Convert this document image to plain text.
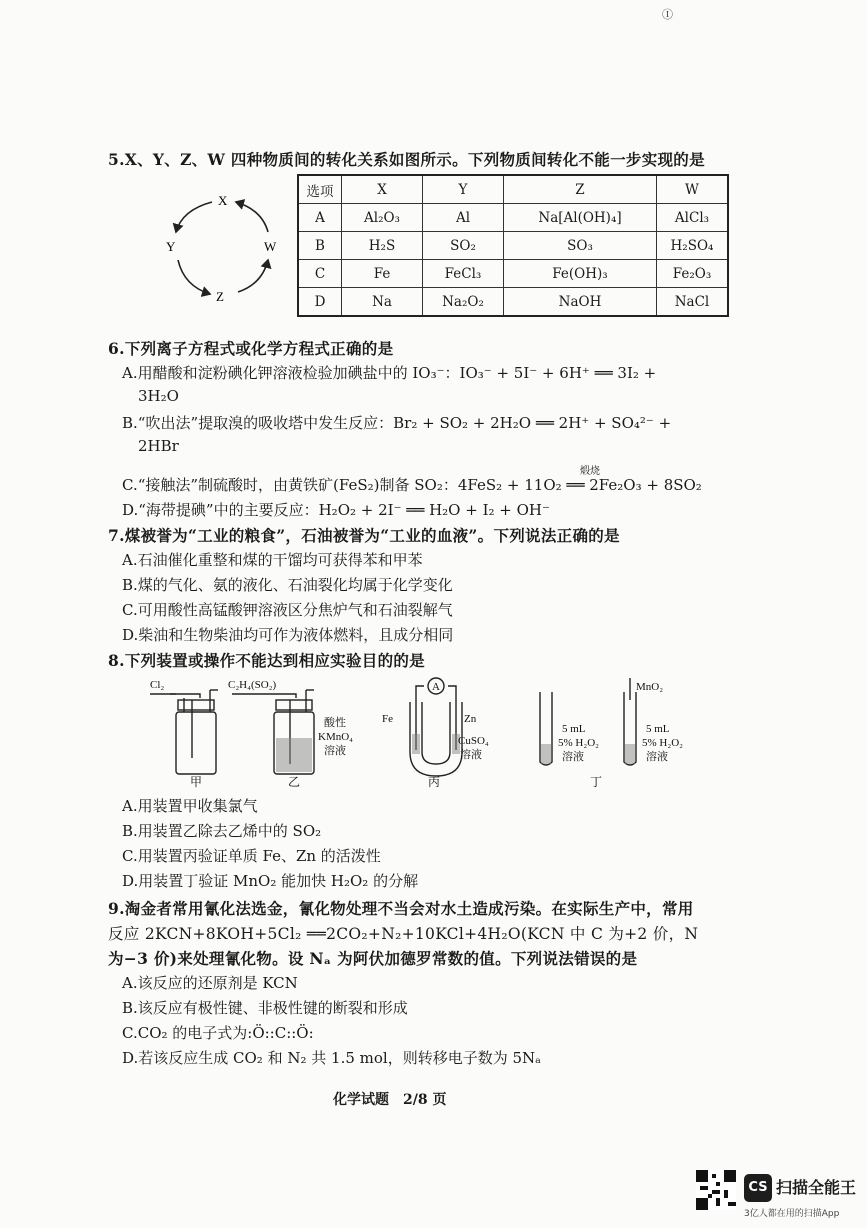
Ⓘ
5.X、Y、Z、W 四种物质间的转化关系如图所示。下列物质间转化不能一步实现的是
X
Y	W
Z
选项	X	Y	Z	W
A	Al₂O₃	Al	Na[Al(OH)₄]	AlCl₃
B	H₂S	SO₂	SO₃	H₂SO₄
C	Fe	FeCl₃	Fe(OH)₃	Fe₂O₃
D	Na	Na₂O₂	NaOH	NaCl
6.下列离子方程式或化学方程式正确的是
A.用醋酸和淀粉碘化钾溶液检验加碘盐中的 IO₃⁻：IO₃⁻ + 5I⁻ + 6H⁺ ══ 3I₂ +
3H₂O
B.“吹出法”提取溴的吸收塔中发生反应：Br₂ + SO₂ + 2H₂O ══ 2H⁺ + SO₄²⁻ +
2HBr
煅烧
C.“接触法”制硫酸时，由黄铁矿(FeS₂)制备 SO₂：4FeS₂ + 11O₂ ══ 2Fe₂O₃ + 8SO₂
D.“海带提碘”中的主要反应：H₂O₂ + 2I⁻ ══ H₂O + I₂ + OH⁻
7.煤被誉为“工业的粮食”，石油被誉为“工业的血液”。下列说法正确的是
A.石油催化重整和煤的干馏均可获得苯和甲苯
B.煤的气化、氨的液化、石油裂化均属于化学变化
C.可用酸性高锰酸钾溶液区分焦炉气和石油裂解气
D.柴油和生物柴油均可作为液体燃料，且成分相同
8.下列装置或操作不能达到相应实验目的的是
Cl₂	C₂H₄(SO₂)
酸性
KMnO₄
溶液
A
Fe	Zn
CuSO₄
溶液
MnO₂
5 mL
5% H₂O₂
溶液
5 mL
5% H₂O₂
溶液
甲	乙	丙	丁
A.用装置甲收集氯气
B.用装置乙除去乙烯中的 SO₂
C.用装置丙验证单质 Fe、Zn 的活泼性
D.用装置丁验证 MnO₂ 能加快 H₂O₂ 的分解
9.淘金者常用氰化法选金，氰化物处理不当会对水土造成污染。在实际生产中，常用
反应 2KCN+8KOH+5Cl₂ ══2CO₂+N₂+10KCl+4H₂O(KCN 中 C 为+2 价，N
为−3 价)来处理氰化物。设 Nₐ 为阿伏加德罗常数的值。下列说法错误的是
A.该反应的还原剂是 KCN
B.该反应有极性键、非极性键的断裂和形成
C.CO₂ 的电子式为:Ö::C::Ö:
D.若该反应生成 CO₂ 和 N₂ 共 1.5 mol，则转移电子数为 5Nₐ
化学试题　2/8 页
CS 扫描全能王
3亿人都在用的扫描App
